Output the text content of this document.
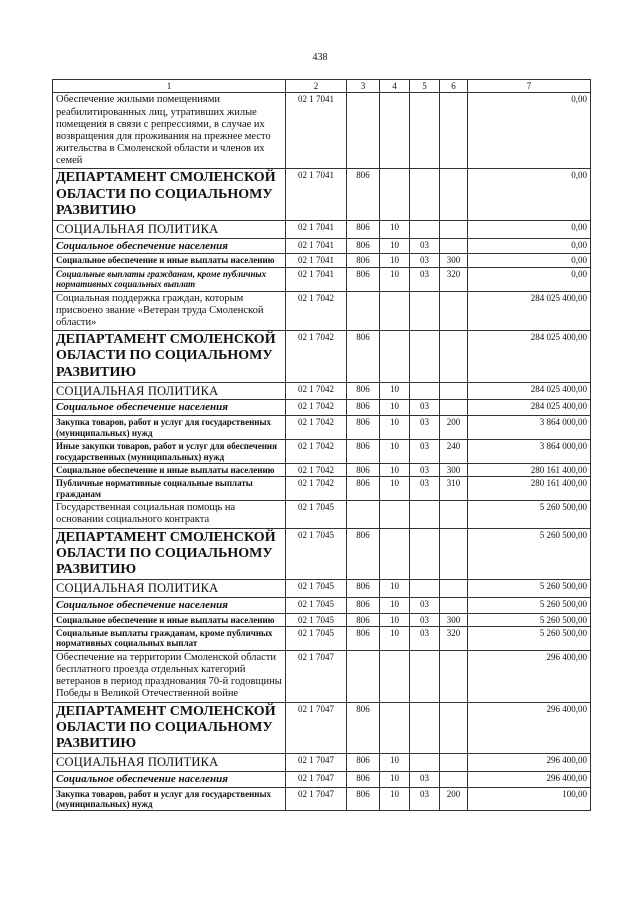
438
1	2	3	4	5	6	7
Обеспечение жилыми помещениями реабилитированных лиц, утративших жилые помещения в связи с репрессиями, в случае их возвращения для проживания на прежнее место жительства в Смоленской области и членов их семей	02 1 7041					0,00
ДЕПАРТАМЕНТ СМОЛЕНСКОЙ ОБЛАСТИ ПО СОЦИАЛЬНОМУ РАЗВИТИЮ	02 1 7041	806				0,00
СОЦИАЛЬНАЯ ПОЛИТИКА	02 1 7041	806	10			0,00
Социальное обеспечение населения	02 1 7041	806	10	03		0,00
Социальное обеспечение и иные выплаты населению	02 1 7041	806	10	03	300	0,00
Социальные выплаты гражданам, кроме публичных нормативных социальных выплат	02 1 7041	806	10	03	320	0,00
Социальная поддержка граждан, которым присвоено звание «Ветеран труда Смоленской области»	02 1 7042					284 025 400,00
ДЕПАРТАМЕНТ СМОЛЕНСКОЙ ОБЛАСТИ ПО СОЦИАЛЬНОМУ РАЗВИТИЮ	02 1 7042	806				284 025 400,00
СОЦИАЛЬНАЯ ПОЛИТИКА	02 1 7042	806	10			284 025 400,00
Социальное обеспечение населения	02 1 7042	806	10	03		284 025 400,00
Закупка товаров, работ и услуг для государственных (муниципальных) нужд	02 1 7042	806	10	03	200	3 864 000,00
Иные закупки товаров, работ и услуг для обеспечения государственных (муниципальных) нужд	02 1 7042	806	10	03	240	3 864 000,00
Социальное обеспечение и иные выплаты населению	02 1 7042	806	10	03	300	280 161 400,00
Публичные нормативные социальные выплаты гражданам	02 1 7042	806	10	03	310	280 161 400,00
Государственная социальная помощь на основании социального контракта	02 1 7045					5 260 500,00
ДЕПАРТАМЕНТ СМОЛЕНСКОЙ ОБЛАСТИ ПО СОЦИАЛЬНОМУ РАЗВИТИЮ	02 1 7045	806				5 260 500,00
СОЦИАЛЬНАЯ ПОЛИТИКА	02 1 7045	806	10			5 260 500,00
Социальное обеспечение населения	02 1 7045	806	10	03		5 260 500,00
Социальное обеспечение и иные выплаты населению	02 1 7045	806	10	03	300	5 260 500,00
Социальные выплаты гражданам, кроме публичных нормативных социальных выплат	02 1 7045	806	10	03	320	5 260 500,00
Обеспечение на территории Смоленской области бесплатного проезда отдельных категорий ветеранов в период празднования 70-й годовщины Победы в Великой Отечественной войне	02 1 7047					296 400,00
ДЕПАРТАМЕНТ СМОЛЕНСКОЙ ОБЛАСТИ ПО СОЦИАЛЬНОМУ РАЗВИТИЮ	02 1 7047	806				296 400,00
СОЦИАЛЬНАЯ ПОЛИТИКА	02 1 7047	806	10			296 400,00
Социальное обеспечение населения	02 1 7047	806	10	03		296 400,00
Закупка товаров, работ и услуг для государственных (муниципальных) нужд	02 1 7047	806	10	03	200	100,00
